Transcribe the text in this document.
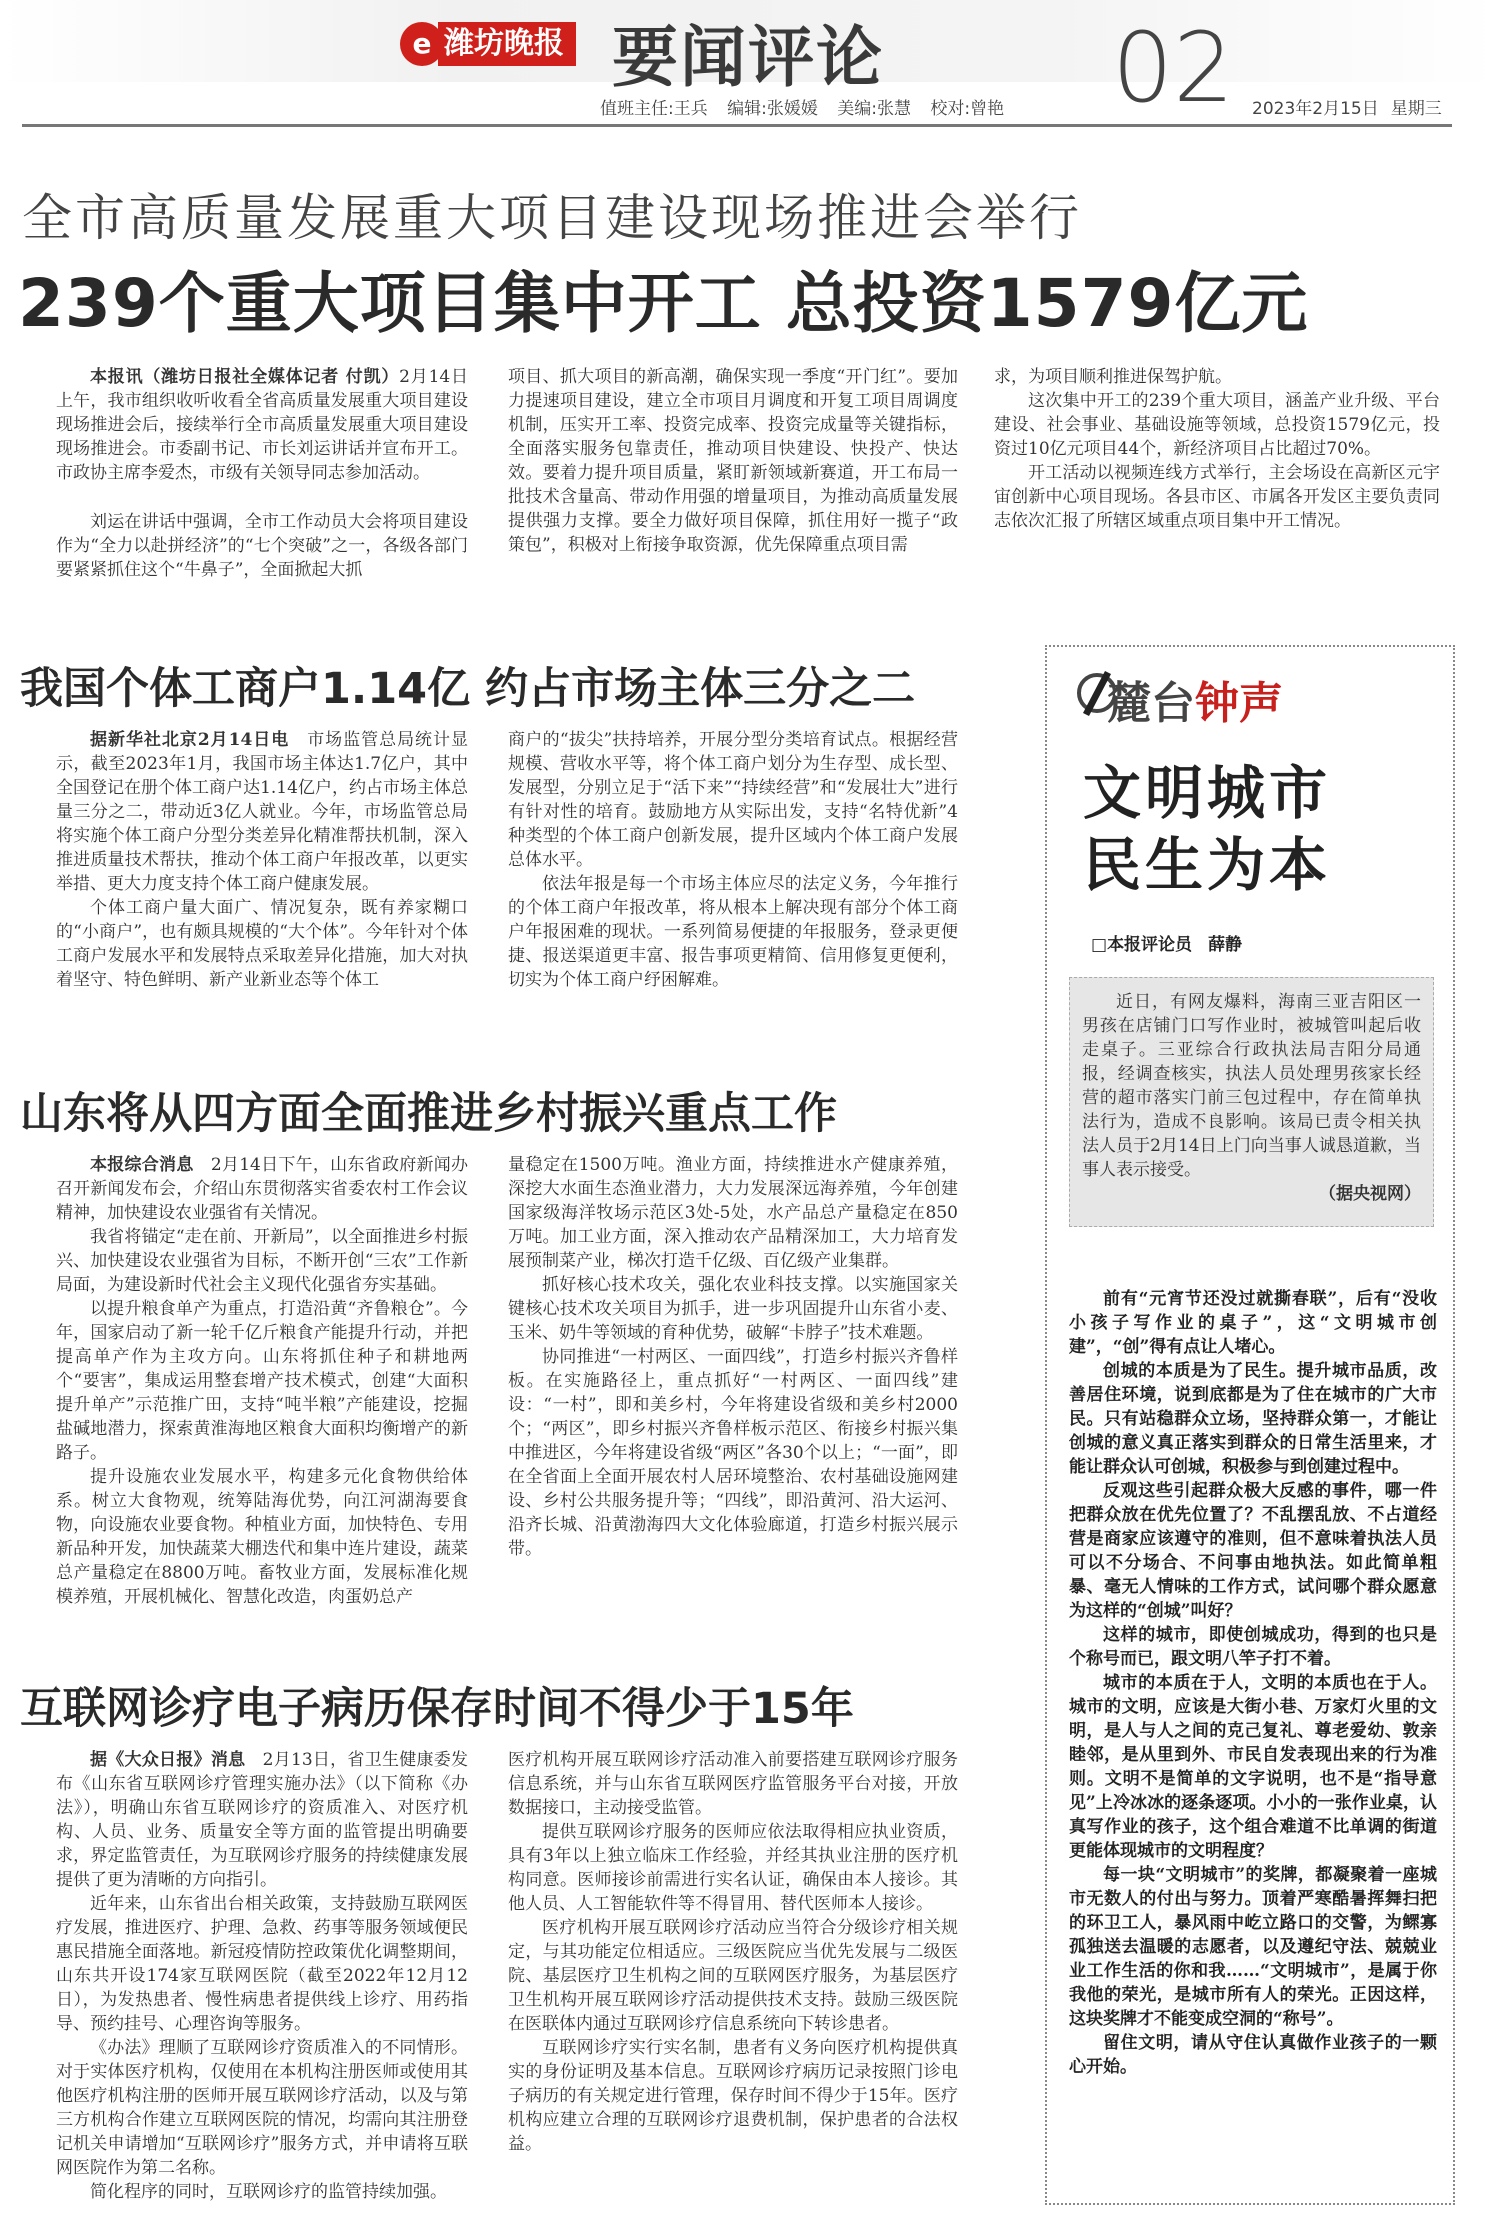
e 潍坊晚报 要闻评论 02
值班主任:王兵 编辑:张媛媛 美编:张慧 校对:曾艳	2023年2月15日 星期三
全市高质量发展重大项目建设现场推进会举行
239个重大项目集中开工 总投资1579亿元

本报讯（潍坊日报社全媒体记者 付凯）2月14日上午，我市组织收听收看全省高质量发展重大项目建设现场推进会后，接续举行全市高质量发展重大项目建设现场推进会。市委副书记、市长刘运讲话并宣布开工。市政协主席李爱杰，市级有关领导同志参加活动。

刘运在讲话中强调，全市工作动员大会将项目建设作为“全力以赴拼经济”的“七个突破”之一，各级各部门要紧紧抓住这个“牛鼻子”，全面掀起大抓

项目、抓大项目的新高潮，确保实现一季度“开门红”。要加力提速项目建设，建立全市项目月调度和开复工项目周调度机制，压实开工率、投资完成率、投资完成量等关键指标，全面落实服务包靠责任，推动项目快建设、快投产、快达效。要着力提升项目质量，紧盯新领域新赛道，开工布局一批技术含量高、带动作用强的增量项目，为推动高质量发展提供强力支撑。要全力做好项目保障，抓住用好一揽子“政策包”，积极对上衔接争取资源，优先保障重点项目需

求，为项目顺利推进保驾护航。

这次集中开工的239个重大项目，涵盖产业升级、平台建设、社会事业、基础设施等领域，总投资1579亿元，投资过10亿元项目44个，新经济项目占比超过70%。

开工活动以视频连线方式举行，主会场设在高新区元宇宙创新中心项目现场。各县市区、市属各开发区主要负责同志依次汇报了所辖区域重点项目集中开工情况。

我国个体工商户1.14亿 约占市场主体三分之二

据新华社北京2月14日电　 市场监管总局统计显示，截至2023年1月，我国市场主体达1.7亿户，其中全国登记在册个体工商户达1.14亿户，约占市场主体总量三分之二，带动近3亿人就业。今年，市场监管总局将实施个体工商户分型分类差异化精准帮扶机制，深入推进质量技术帮扶，推动个体工商户年报改革，以更实举措、更大力度支持个体工商户健康发展。

个体工商户量大面广、情况复杂，既有养家糊口的“小商户”，也有颇具规模的“大个体”。今年针对个体工商户发展水平和发展特点采取差异化措施，加大对执着坚守、特色鲜明、新产业新业态等个体工

商户的“拔尖”扶持培养，开展分型分类培育试点。根据经营规模、营收水平等，将个体工商户划分为生存型、成长型、发展型，分别立足于“活下来”“持续经营”和“发展壮大”进行有针对性的培育。鼓励地方从实际出发，支持“名特优新”4种类型的个体工商户创新发展，提升区域内个体工商户发展总体水平。

依法年报是每一个市场主体应尽的法定义务，今年推行的个体工商户年报改革，将从根本上解决现有部分个体工商户年报困难的现状。一系列简易便捷的年报服务，登录更便捷、报送渠道更丰富、报告事项更精简、信用修复更便利，切实为个体工商户纾困解难。

山东将从四方面全面推进乡村振兴重点工作

本报综合消息　 2月14日下午，山东省政府新闻办召开新闻发布会，介绍山东贯彻落实省委农村工作会议精神，加快建设农业强省有关情况。

我省将锚定“走在前、开新局”，以全面推进乡村振兴、加快建设农业强省为目标，不断开创“三农”工作新局面，为建设新时代社会主义现代化强省夯实基础。

以提升粮食单产为重点，打造沿黄“齐鲁粮仓”。今年，国家启动了新一轮千亿斤粮食产能提升行动，并把提高单产作为主攻方向。山东将抓住种子和耕地两个“要害”，集成运用整套增产技术模式，创建“大面积提升单产”示范推广田，支持“吨半粮”产能建设，挖掘盐碱地潜力，探索黄淮海地区粮食大面积均衡增产的新路子。

提升设施农业发展水平，构建多元化食物供给体系。树立大食物观，统筹陆海优势，向江河湖海要食物，向设施农业要食物。种植业方面，加快特色、专用新品种开发，加快蔬菜大棚迭代和集中连片建设，蔬菜总产量稳定在8800万吨。畜牧业方面，发展标准化规模养殖，开展机械化、智慧化改造，肉蛋奶总产

量稳定在1500万吨。渔业方面，持续推进水产健康养殖，深挖大水面生态渔业潜力，大力发展深远海养殖，今年创建国家级海洋牧场示范区3处-5处，水产品总产量稳定在850万吨。加工业方面，深入推动农产品精深加工，大力培育发展预制菜产业，梯次打造千亿级、百亿级产业集群。

抓好核心技术攻关，强化农业科技支撑。以实施国家关键核心技术攻关项目为抓手，进一步巩固提升山东省小麦、玉米、奶牛等领域的育种优势，破解“卡脖子”技术难题。

协同推进“一村两区、一面四线”，打造乡村振兴齐鲁样板。在实施路径上，重点抓好“一村两区、一面四线”建设：“一村”，即和美乡村，今年将建设省级和美乡村2000个；“两区”，即乡村振兴齐鲁样板示范区、衔接乡村振兴集中推进区，今年将建设省级“两区”各30个以上；“一面”，即在全省面上全面开展农村人居环境整治、农村基础设施网建设、乡村公共服务提升等；“四线”，即沿黄河、沿大运河、沿齐长城、沿黄渤海四大文化体验廊道，打造乡村振兴展示带。

互联网诊疗电子病历保存时间不得少于15年

据《大众日报》消息　 2月13日，省卫生健康委发布《山东省互联网诊疗管理实施办法》（以下简称《办法》），明确山东省互联网诊疗的资质准入、对医疗机构、人员、业务、质量安全等方面的监管提出明确要求，界定监管责任，为互联网诊疗服务的持续健康发展提供了更为清晰的方向指引。

近年来，山东省出台相关政策，支持鼓励互联网医疗发展，推进医疗、护理、急救、药事等服务领域便民惠民措施全面落地。新冠疫情防控政策优化调整期间，山东共开设174家互联网医院（截至2022年12月12日），为发热患者、慢性病患者提供线上诊疗、用药指导、预约挂号、心理咨询等服务。

《办法》理顺了互联网诊疗资质准入的不同情形。对于实体医疗机构，仅使用在本机构注册医师或使用其他医疗机构注册的医师开展互联网诊疗活动，以及与第三方机构合作建立互联网医院的情况，均需向其注册登记机关申请增加“互联网诊疗”服务方式，并申请将互联网医院作为第二名称。

简化程序的同时，互联网诊疗的监管持续加强。

医疗机构开展互联网诊疗活动准入前要搭建互联网诊疗服务信息系统，并与山东省互联网医疗监管服务平台对接，开放数据接口，主动接受监管。

提供互联网诊疗服务的医师应依法取得相应执业资质，具有3年以上独立临床工作经验，并经其执业注册的医疗机构同意。医师接诊前需进行实名认证，确保由本人接诊。其他人员、人工智能软件等不得冒用、替代医师本人接诊。

医疗机构开展互联网诊疗活动应当符合分级诊疗相关规定，与其功能定位相适应。三级医院应当优先发展与二级医院、基层医疗卫生机构之间的互联网医疗服务，为基层医疗卫生机构开展互联网诊疗活动提供技术支持。鼓励三级医院在医联体内通过互联网诊疗信息系统向下转诊患者。

互联网诊疗实行实名制，患者有义务向医疗机构提供真实的身份证明及基本信息。互联网诊疗病历记录按照门诊电子病历的有关规定进行管理，保存时间不得少于15年。医疗机构应建立合理的互联网诊疗退费机制，保护患者的合法权益。

麓台钟声
文明城市
民生为本
□本报评论员 薛静

近日，有网友爆料，海南三亚吉阳区一男孩在店铺门口写作业时，被城管叫起后收走桌子。三亚综合行政执法局吉阳分局通报，经调查核实，执法人员处理男孩家长经营的超市落实门前三包过程中，存在简单执法行为，造成不良影响。该局已责令相关执法人员于2月14日上门向当事人诚恳道歉，当事人表示接受。

（据央视网）

前有“元宵节还没过就撕春联”，后有“没收小孩子写作业的桌子”，这“文明城市创建”，“创”得有点让人堵心。

创城的本质是为了民生。提升城市品质，改善居住环境，说到底都是为了住在城市的广大市民。只有站稳群众立场，坚持群众第一，才能让创城的意义真正落实到群众的日常生活里来，才能让群众认可创城，积极参与到创建过程中。

反观这些引起群众极大反感的事件，哪一件把群众放在优先位置了？不乱摆乱放、不占道经营是商家应该遵守的准则，但不意味着执法人员可以不分场合、不问事由地执法。如此简单粗暴、毫无人情味的工作方式，试问哪个群众愿意为这样的“创城”叫好？

这样的城市，即使创城成功，得到的也只是个称号而已，跟文明八竿子打不着。

城市的本质在于人，文明的本质也在于人。城市的文明，应该是大街小巷、万家灯火里的文明，是人与人之间的克己复礼、尊老爱幼、敦亲睦邻，是从里到外、市民自发表现出来的行为准则。文明不是简单的文字说明，也不是“指导意见”上冷冰冰的逐条逐项。小小的一张作业桌，认真写作业的孩子，这个组合难道不比单调的街道更能体现城市的文明程度？

每一块“文明城市”的奖牌，都凝聚着一座城市无数人的付出与努力。顶着严寒酷暑挥舞扫把的环卫工人，暴风雨中屹立路口的交警，为鳏寡孤独送去温暖的志愿者，以及遵纪守法、兢兢业业工作生活的你和我……“文明城市”，是属于你我他的荣光，是城市所有人的荣光。正因这样，这块奖牌才不能变成空洞的“称号”。

留住文明，请从守住认真做作业孩子的一颗心开始。
